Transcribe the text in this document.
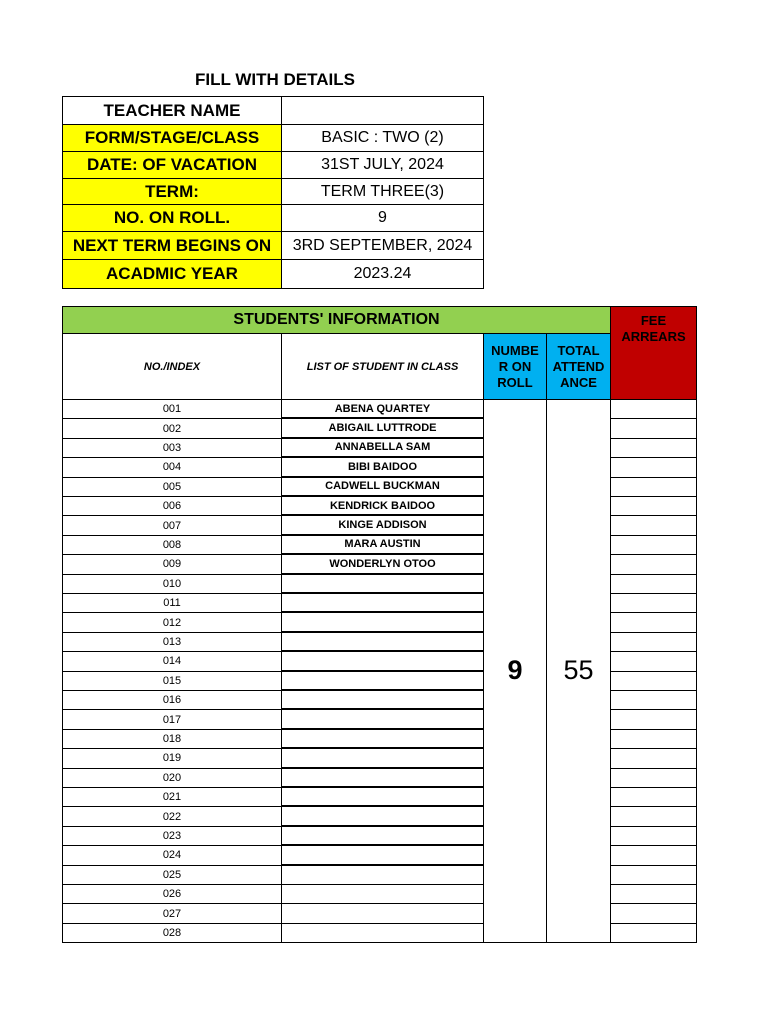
FILL WITH DETAILS
TEACHER NAME
FORM/STAGE/CLASS	BASIC : TWO (2)
DATE: OF VACATION	31ST JULY, 2024
TERM:	TERM THREE(3)
NO. ON ROLL.	9
NEXT TERM BEGINS ON	3RD SEPTEMBER, 2024
ACADMIC YEAR	2023.24
STUDENTS' INFORMATION
NO./INDEX	LIST OF STUDENT IN CLASS
NUMBE R ON ROLL
TOTAL ATTEND ANCE
FEE ARREARS
001	ABENA QUARTEY
002	ABIGAIL LUTTRODE
003	ANNABELLA SAM
004	BIBI BAIDOO
005	CADWELL BUCKMAN
006	KENDRICK BAIDOO
007	KINGE ADDISON
008	MARA AUSTIN
009	WONDERLYN OTOO
010
011
012
013
014
015
016
017
018
019
020
021
022
023
024
025
026
027
028
9	55
